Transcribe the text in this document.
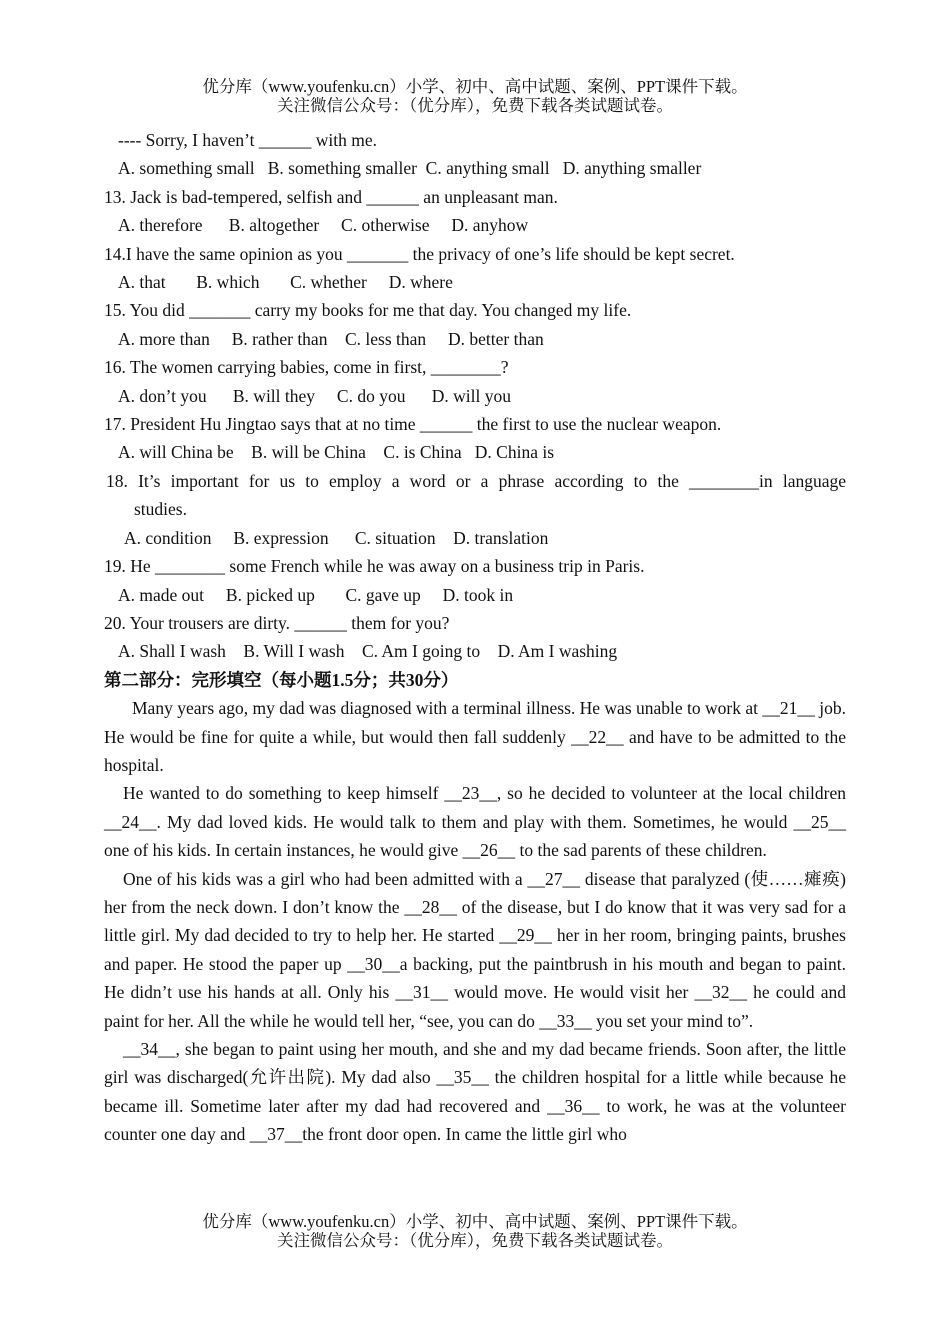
优分库（www.youfenku.cn）小学、初中、高中试题、案例、PPT课件下载。
关注微信公众号：（优分库），免费下载各类试题试卷。
---- Sorry, I haven’t ______ with me.
A. something small   B. something smaller  C. anything small   D. anything smaller
13. Jack is bad-tempered, selfish and ______ an unpleasant man.
A. therefore      B. altogether     C. otherwise     D. anyhow
14.I have the same opinion as you _______ the privacy of one’s life should be kept secret.
A. that       B. which       C. whether     D. where
15. You did _______ carry my books for me that day. You changed my life.
A. more than     B. rather than    C. less than     D. better than
16. The women carrying babies, come in first, ________?
A. don’t you      B. will they     C. do you      D. will you
17. President Hu Jingtao says that at no time ______ the first to use the nuclear weapon.
A. will China be    B. will be China    C. is China   D. China is
18. It’s important for us to employ a word or a phrase according to the ________in language
studies.
A. condition     B. expression      C. situation    D. translation
19. He ________ some French while he was away on a business trip in Paris.
A. made out     B. picked up       C. gave up     D. took in
20. Your trousers are dirty. ______ them for you?
A. Shall I wash    B. Will I wash    C. Am I going to    D. Am I washing
第二部分：完形填空（每小题1.5分；共30分）

Many years ago, my dad was diagnosed with a terminal illness. He was unable to work at __21__ job. He would be fine for quite a while, but would then fall suddenly __22__ and have to be admitted to the hospital.

He wanted to do something to keep himself __23__, so he decided to volunteer at the local children __24__. My dad loved kids. He would talk to them and play with them. Sometimes, he would __25__ one of his kids. In certain instances, he would give __26__ to the sad parents of these children.

One of his kids was a girl who had been admitted with a __27__ disease that paralyzed (使……瘫痪) her from the neck down. I don’t know the __28__ of the disease, but I do know that it was very sad for a little girl. My dad decided to try to help her. He started __29__ her in her room, bringing paints, brushes and paper. He stood the paper up __30__a backing, put the paintbrush in his mouth and began to paint. He didn’t use his hands at all. Only his __31__ would move. He would visit her __32__ he could and paint for her. All the while he would tell her, “see, you can do __33__ you set your mind to”.

__34__, she began to paint using her mouth, and she and my dad became friends. Soon after, the little girl was discharged(允许出院). My dad also __35__ the children hospital for a little while because he became ill. Sometime later after my dad had recovered and __36__ to work, he was at the volunteer counter one day and __37__the front door open. In came the little girl who

优分库（www.youfenku.cn）小学、初中、高中试题、案例、PPT课件下载。
关注微信公众号：（优分库），免费下载各类试题试卷。
